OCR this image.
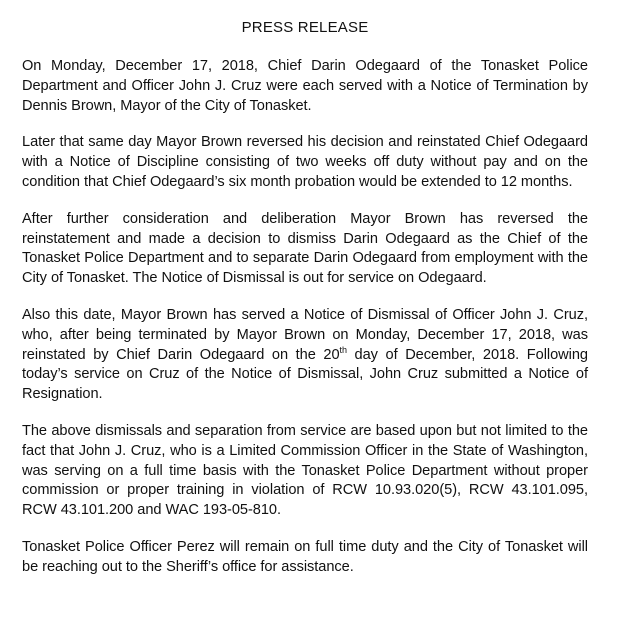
PRESS RELEASE

On Monday, December 17, 2018, Chief Darin Odegaard of the Tonasket Police Department and Officer John J. Cruz were each served with a Notice of Termination by Dennis Brown, Mayor of the City of Tonasket.

Later that same day Mayor Brown reversed his decision and reinstated Chief Odegaard with a Notice of Discipline consisting of two weeks off duty without pay and on the condition that Chief Odegaard’s six month probation would be extended to 12 months.

After further consideration and deliberation Mayor Brown has reversed the reinstatement and made a decision to dismiss Darin Odegaard as the Chief of the Tonasket Police Department and to separate Darin Odegaard from employment with the City of Tonasket. The Notice of Dismissal is out for service on Odegaard.

Also this date, Mayor Brown has served a Notice of Dismissal of Officer John J. Cruz, who, after being terminated by Mayor Brown on Monday, December 17, 2018, was reinstated by Chief Darin Odegaard on the 20th day of December, 2018. Following today’s service on Cruz of the Notice of Dismissal, John Cruz submitted a Notice of Resignation.

The above dismissals and separation from service are based upon but not limited to the fact that John J. Cruz, who is a Limited Commission Officer in the State of Washington, was serving on a full time basis with the Tonasket Police Department without proper commission or proper training in violation of RCW 10.93.020(5), RCW 43.101.095, RCW 43.101.200 and WAC 193-05-810.

Tonasket Police Officer Perez will remain on full time duty and the City of Tonasket will be reaching out to the Sheriff’s office for assistance.
